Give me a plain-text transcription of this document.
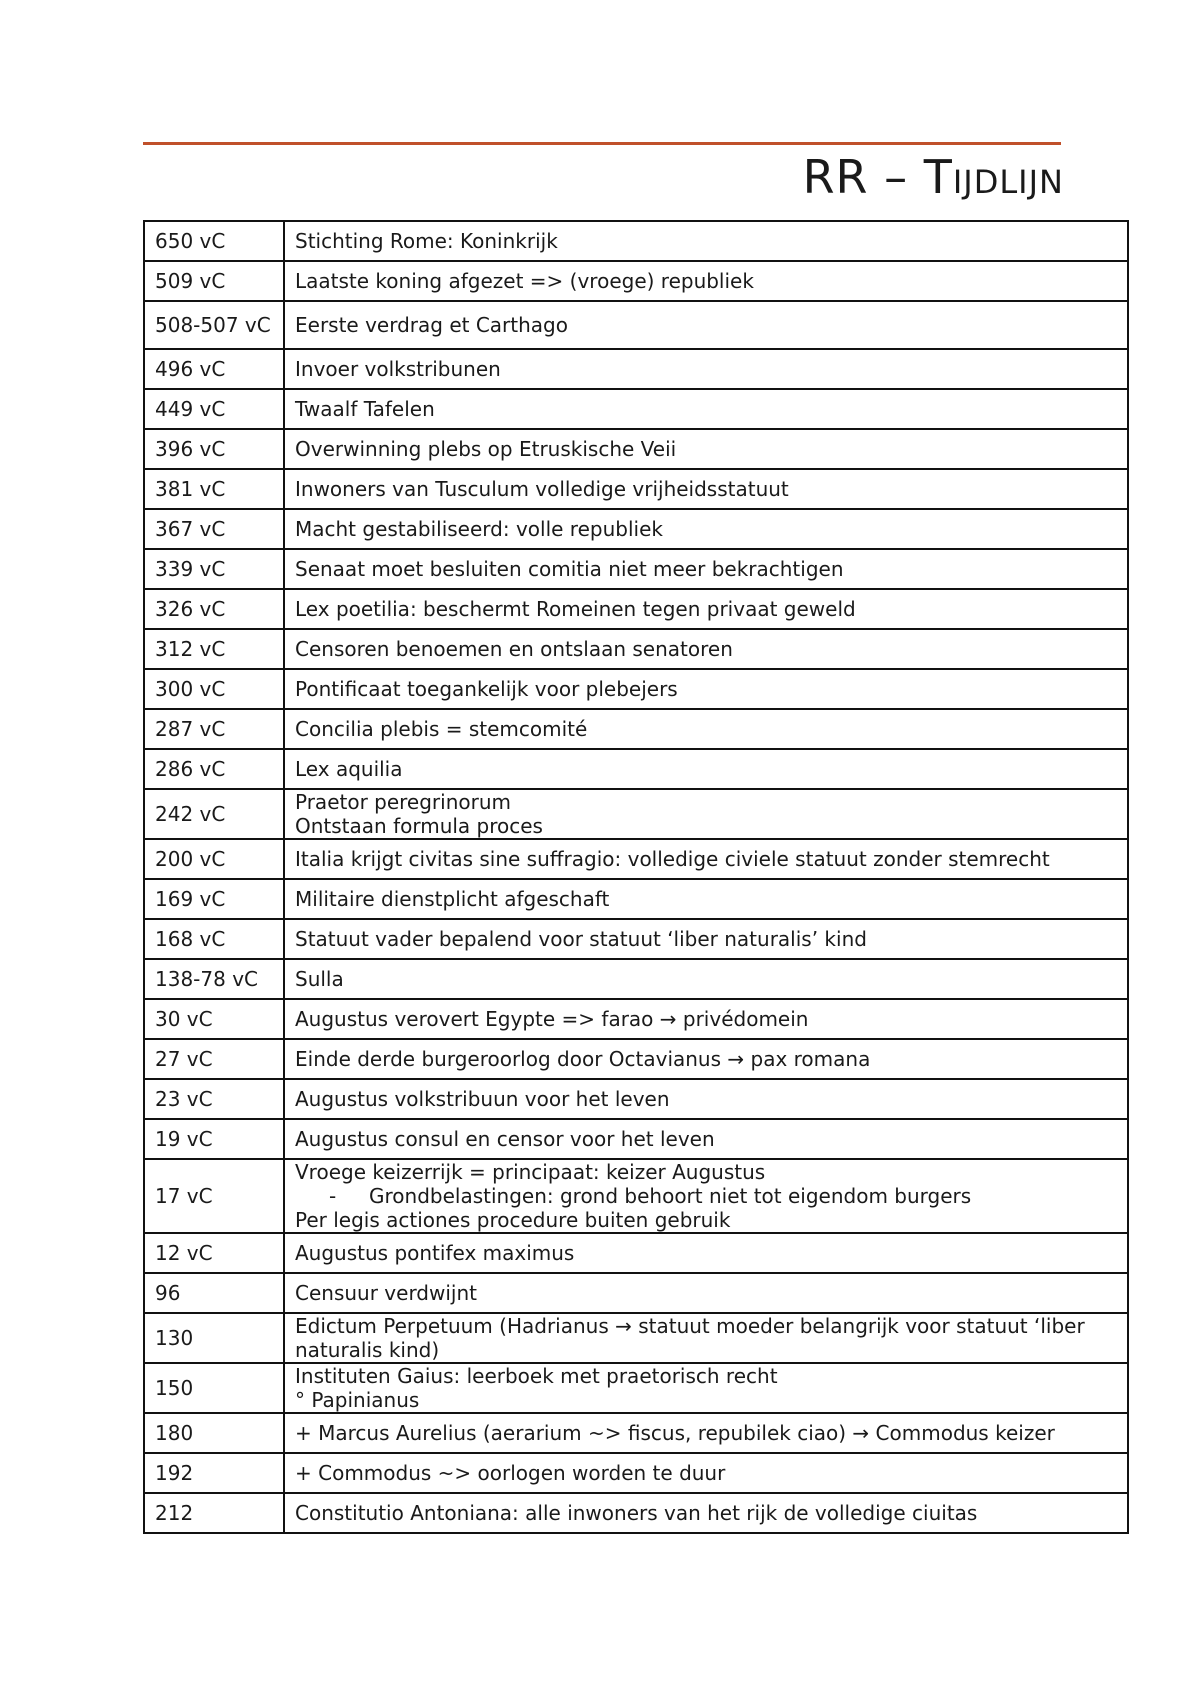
RR – Tijdlijn
650 vC	Stichting Rome: Koninkrijk

509 vC	Laatste koning afgezet => (vroege) republiek

508-507 vC	Eerste verdrag et Carthago

496 vC	Invoer volkstribunen

449 vC	Twaalf Tafelen

396 vC	Overwinning plebs op Etruskische Veii

381 vC	Inwoners van Tusculum volledige vrijheidsstatuut

367 vC	Macht gestabiliseerd: volle republiek

339 vC	Senaat moet besluiten comitia niet meer bekrachtigen

326 vC	Lex poetilia: beschermt Romeinen tegen privaat geweld

312 vC	Censoren benoemen en ontslaan senatoren

300 vC	Pontificaat toegankelijk voor plebejers

287 vC	Concilia plebis = stemcomité

286 vC	Lex aquilia

242 vC	Praetor peregrinorum
Ontstaan formula proces

200 vC	Italia krijgt civitas sine suffragio: volledige civiele statuut zonder stemrecht

169 vC	Militaire dienstplicht afgeschaft

168 vC	Statuut vader bepalend voor statuut ‘liber naturalis’ kind

138-78 vC	Sulla

30 vC	Augustus verovert Egypte => farao → privédomein

27 vC	Einde derde burgeroorlog door Octavianus → pax romana

23 vC	Augustus volkstribuun voor het leven

19 vC	Augustus consul en censor voor het leven

17 vC	Vroege keizerrijk = principaat: keizer Augustus
- Grondbelastingen: grond behoort niet tot eigendom burgers
Per legis actiones procedure buiten gebruik

12 vC	Augustus pontifex maximus

96	Censuur verdwijnt

130	Edictum Perpetuum (Hadrianus → statuut moeder belangrijk voor statuut ‘liber naturalis kind)

150	Instituten Gaius: leerboek met praetorisch recht
° Papinianus

180	+ Marcus Aurelius (aerarium ~> fiscus, repubilek ciao) → Commodus keizer

192	+ Commodus ~> oorlogen worden te duur

212	Constitutio Antoniana: alle inwoners van het rijk de volledige ciuitas
